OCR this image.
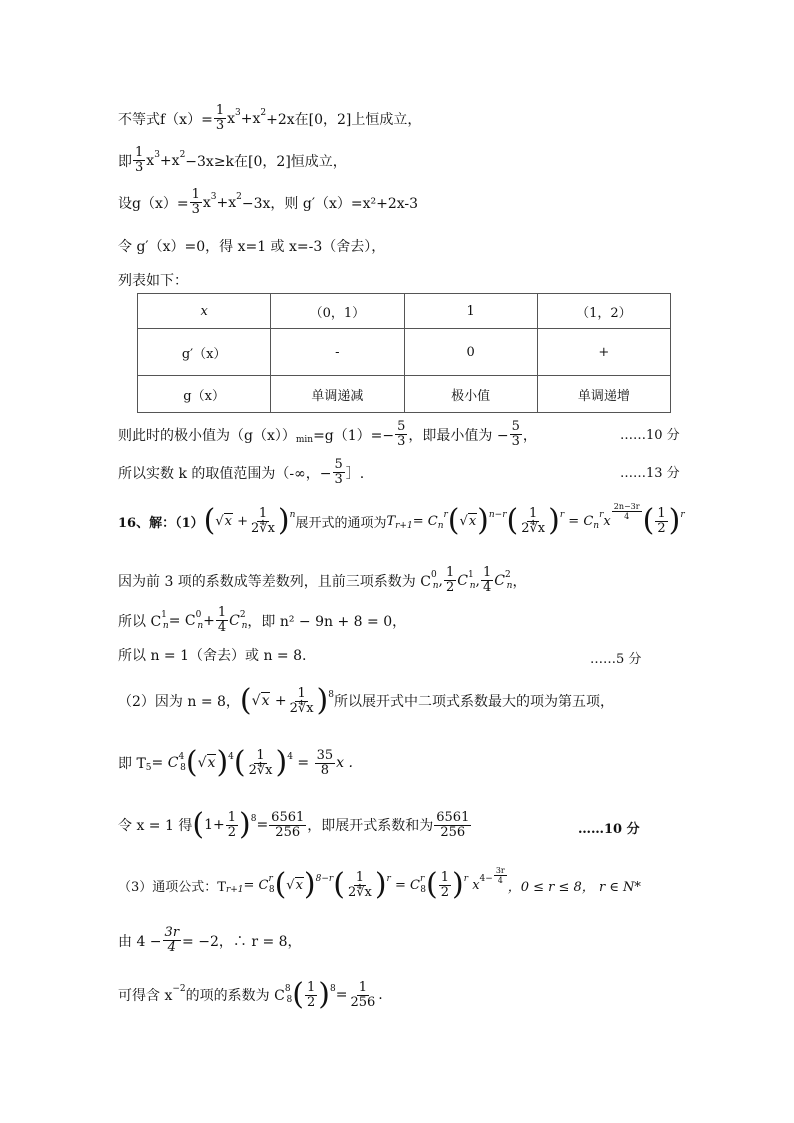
不等式$f(x)= \frac{1}{3}$ x 3 +x 2 +2x在[0，2]上恒成立，
即 $\frac{1}{3}$ x 3 +x 2 −3x≥k在[0，2]恒成立，
设$g(x)= \frac{1}{3}$ x 3 +x 2 −3x，则 g′（x）=x²+2x-3
令 g′（x）=0，得 x=1 或 x=-3（舍去），
列表如下：
x	（0，1）	1	（1，2）
g′（x）	-	0	+
g（x）	单调递减	极小值	单调递增
则此时的极小值为（g（x）） $\min =g(1)=- \frac{5}{3}$ ，即最小值为 − $\frac{5}{3}$ ，	……10 分
所以实数 k 的取值范围为（-∞，− $\frac{5}{3}$ ］.	……13 分
16、解：（1） ( $√x + \frac{1}{2∜x}$ ) n
展开式的通项为 T r+1 = C n
r ( √x ) n−r ( $\frac{1}{2∜x}$ ) r = C n
r x
$\frac{2n-3r}{4}$ ( $\frac{1}{2}$ ) r
因为前 3 项的系数成等差数列，且前三项系数为 C 0
n , $\frac{1}{2}$ C 1
n , $\frac{1}{4}$ C 2
n ，
所以 C 1
n = C 0
$n + \frac{1}{4}$ C 2
n ，即 n² − 9n + 8 = 0，
所以 n = 1（舍去）或 n = 8.	……5 分
（2）因为 n = 8， ( $√x + \frac{1}{2∜x}$ ) 8 所以展开式中二项式系数最大的项为第五项，
即 T 5 = C 4
8 ( √x ) 4 ( $\frac{1}{2∜x}$ ) $4 = \frac{35}{8}$ x .
令 x = 1 得 ( $1+ \frac{1}{2}$ ) $8 = \frac{6561}{256}$ ，即展开式系数和为 $\frac{6561}{256}$	……10 分
（3）通项公式：T r+1 = C r
8 ( √x ) 8−r ( $\frac{1}{2∜x}$ ) r = C r
8 ( $\frac{1}{2}$ ) r x $4- \frac{3r}{4}$
，0 ≤ r ≤ 8， r ∈ N*
由 $4 - \frac{3r}{4} = -2$，∴ r = 8，
可得含 x −2 的项的系数为 C 8
8 ( $\frac{1}{2}$ ) $8 = \frac{1}{256}$ .
